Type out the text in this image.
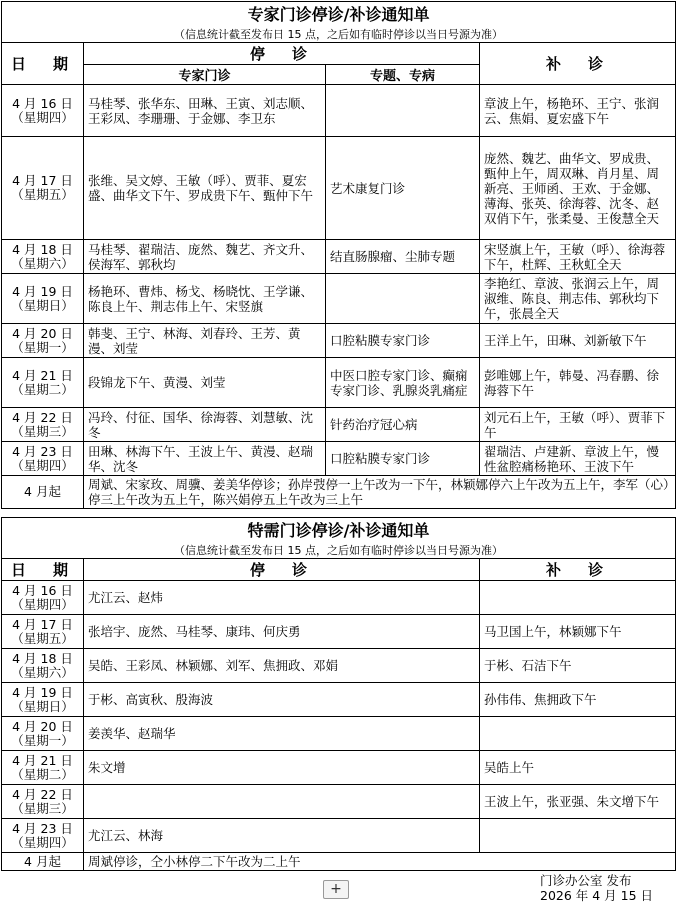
专家门诊停诊/补诊通知单			
（信息统计截至发布日 15 点，之后如有临时停诊以当日号源为准）			
日　期	停　诊		补　诊
	专家门诊	专题、专病	

4 月 16 日
（星期四）	马桂琴、张华东、田琳、王寅、刘志顺、王彩凤、李珊珊、于金娜、李卫东		章波上午，杨艳环、王宁、张润云、焦娟、夏宏盛下午

4 月 17 日
（星期五）	张维、吴文婷、王敏（呼）、贾菲、夏宏盛、曲华文下午、罗成贵下午、甄仲下午	艺术康复门诊	庞然、魏艺、曲华文、罗成贵、甄仲上午，周双琳、肖月星、周新亮、王师函、王欢、于金娜、薄海、张英、徐海蓉、沈冬、赵双俏下午，张柔曼、王俊慧全天

4 月 18 日
（星期六）	马桂琴、翟瑞洁、庞然、魏艺、齐文升、侯海军、郭秋均	结直肠腺瘤、尘肺专题	宋竖旗上午，王敏（呼）、徐海蓉下午，杜辉、王秋虹全天

4 月 19 日
（星期日）	杨艳环、曹炜、杨戈、杨晓忱、王学谦、陈良上午、荆志伟上午、宋竖旗		李艳红、章波、张润云上午，周淑维、陈良、荆志伟、郭秋均下午，张晨全天

4 月 20 日
（星期一）	韩斐、王宁、林海、刘春玲、王芳、黄漫、刘莹	口腔粘膜专家门诊	王洋上午，田琳、刘新敏下午

4 月 21 日
（星期二）	段锦龙下午、黄漫、刘莹	中医口腔专家门诊、癫痫专家门诊、乳腺炎乳痛症	彭唯娜上午，韩曼、冯春鹏、徐海蓉下午

4 月 22 日
（星期三）	冯玲、付征、国华、徐海蓉、刘慧敏、沈冬	针药治疗冠心病	刘元石上午，王敏（呼）、贾菲下午

4 月 23 日
（星期四）	田琳、林海下午、王波上午、黄漫、赵瑞华、沈冬	口腔粘膜专家门诊	翟瑞洁、卢建新、章波上午，慢性盆腔痛杨艳环、王波下午
4 月起	周斌、宋家玫、周骥、姜美华停诊；孙岸弢停一上午改为一下午，林颖娜停六上午改为五上午，李军（心）停三上午改为五上午，陈兴娟停五上午改为三上午		
特需门诊停诊/补诊通知单		
（信息统计截至发布日 15 点，之后如有临时停诊以当日号源为准）		
日　期	停　诊	补　诊

4 月 16 日
（星期四）	尤江云、赵炜	

4 月 17 日
（星期五）	张培宇、庞然、马桂琴、康玮、何庆勇	马卫国上午，林颖娜下午

4 月 18 日
（星期六）	吴皓、王彩凤、林颖娜、刘军、焦拥政、邓娟	于彬、石洁下午

4 月 19 日
（星期日）	于彬、高寅秋、殷海波	孙伟伟、焦拥政下午

4 月 20 日
（星期一）	姜羡华、赵瑞华	

4 月 21 日
（星期二）	朱文增	吴皓上午

4 月 22 日
（星期三）		王波上午，张亚强、朱文增下午

4 月 23 日
（星期四）	尤江云、林海	
4 月起	周斌停诊，仝小林停二下午改为二上午	
+
门诊办公室 发布
2026 年 4 月 15 日
